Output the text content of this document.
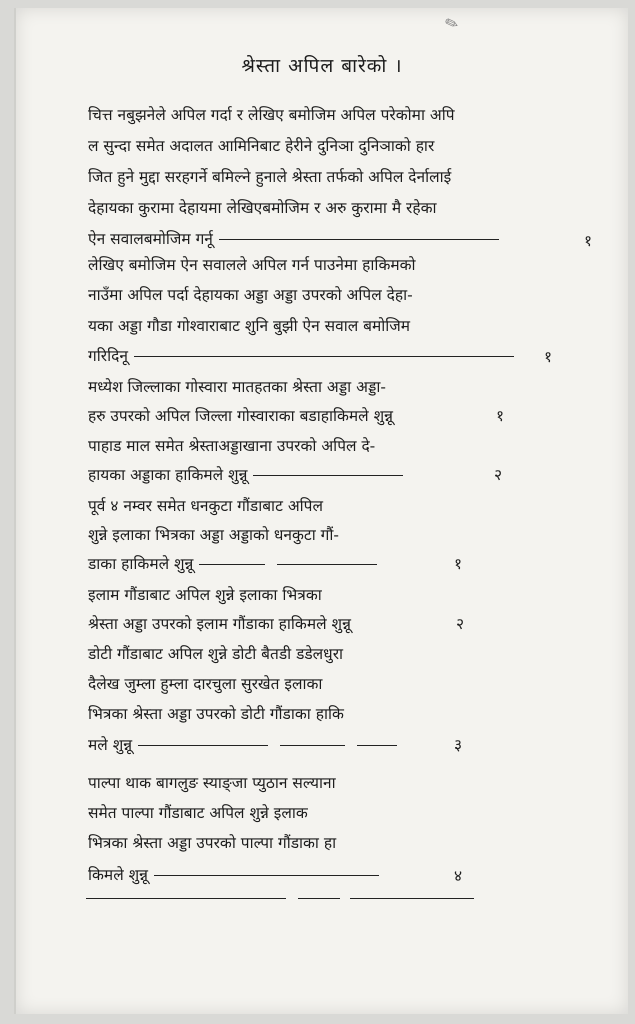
✎
श्रेस्ता अपिल बारेको ।
चित्त नबुझनेले अपिल गर्दा र लेखिए बमोजिम अपिल परेकोमा अपि
ल सुन्दा समेत अदालत आमिनिबाट हेरीने दुनिञा दुनिञाको हार
जित हुने मुद्दा सरहगर्ने बमिल्ने हुनाले श्रेस्ता तर्फको अपिल देर्नालाई
देहायका कुरामा देहायमा लेखिएबमोजिम र अरु कुरामा मै रहेका
ऐन सवालबमोजिम गर्नू	१
लेखिए बमोजिम ऐन सवालले अपिल गर्न पाउनेमा हाकिमको
नाउँमा अपिल पर्दा देहायका अड्डा अड्डा उपरको अपिल देहा-
यका अड्डा गौडा गोश्वाराबाट शुनि बुझी ऐन सवाल बमोजिम
गरिदिनू	१
मध्येश जिल्लाका गोस्वारा मातहतका श्रेस्ता अड्डा अड्डा-
हरु उपरको अपिल जिल्ला गोस्वाराका बडाहाकिमले शुन्नू	१
पाहाड माल समेत श्रेस्ताअड्डाखाना उपरको अपिल दे-
हायका अड्डाका हाकिमले शुन्नू	२
पूर्व ४ नम्वर समेत धनकुटा गौंडाबाट अपिल
शुन्ने इलाका भित्रका अड्डा अड्डाको धनकुटा गौं-
डाका हाकिमले शुन्नू	१
इलाम गौंडाबाट अपिल शुन्ने इलाका भित्रका
श्रेस्ता अड्डा उपरको इलाम गौंडाका हाकिमले शुन्नू	२
डोटी गौंडाबाट अपिल शुन्ने डोटी बैतडी डडेलधुरा
दैलेख जुम्ला हुम्ला दारचुला सुरखेत इलाका
भित्रका श्रेस्ता अड्डा उपरको डोटी गौंडाका हाकि
मले शुन्नू	३
पाल्पा थाक बागलुङ स्याङ्जा प्युठान सल्याना
समेत पाल्पा गौंडाबाट अपिल शुन्ने इलाक
भित्रका श्रेस्ता अड्डा उपरको पाल्पा गौंडाका हा
किमले शुन्नू	४
